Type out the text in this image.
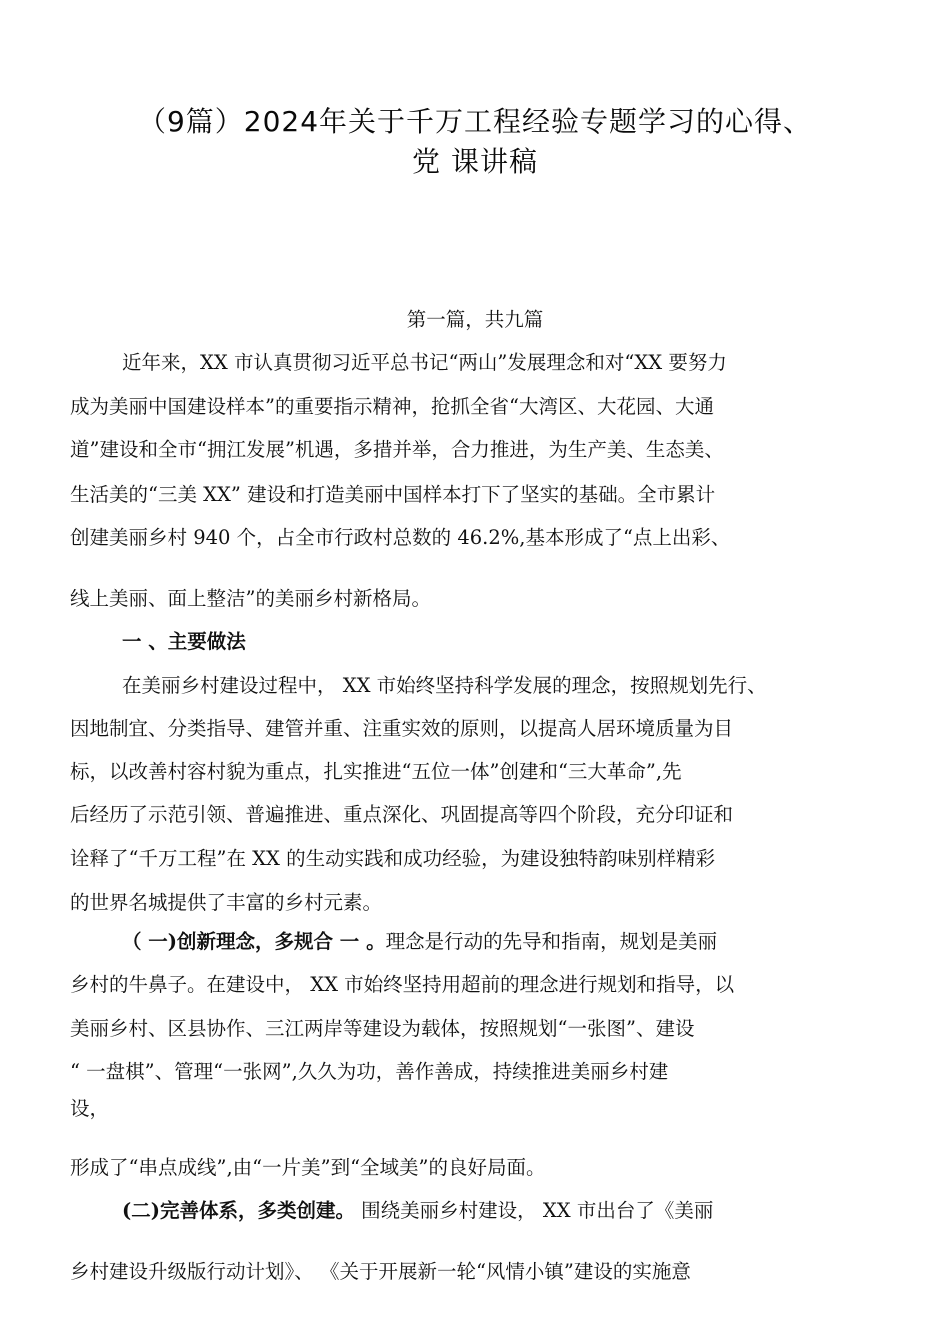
（9篇）2024年关于千万工程经验专题学习的心得、
党 课讲稿
第一篇，共九篇
近年来，XX 市认真贯彻习近平总书记“两山”发展理念和对“XX 要努力
成为美丽中国建设样本”的重要指示精神，抢抓全省“大湾区、大花园、大通
道”建设和全市“拥江发展”机遇，多措并举，合力推进，为生产美、生态美、
生活美的“三美 XX” 建设和打造美丽中国样本打下了坚实的基础。全市累计
创建美丽乡村 940 个，占全市行政村总数的 46.2%,基本形成了“点上出彩、
线上美丽、面上整洁”的美丽乡村新格局。
一 、主要做法
在美丽乡村建设过程中， XX 市始终坚持科学发展的理念，按照规划先行、
因地制宜、分类指导、建管并重、注重实效的原则，以提高人居环境质量为目
标，以改善村容村貌为重点，扎实推进“五位一体”创建和“三大革命”,先
后经历了示范引领、普遍推进、重点深化、巩固提高等四个阶段，充分印证和
诠释了“千万工程”在 XX 的生动实践和成功经验，为建设独特韵味别样精彩
的世界名城提供了丰富的乡村元素。
（ 一)创新理念，多规合 一 。理念是行动的先导和指南，规划是美丽
乡村的牛鼻子。在建设中， XX 市始终坚持用超前的理念进行规划和指导，以
美丽乡村、区县协作、三江两岸等建设为载体，按照规划“一张图”、建设
“ 一盘棋”、管理“一张网”,久久为功，善作善成，持续推进美丽乡村建
设，
形成了“串点成线”,由“一片美”到“全域美”的良好局面。
(二)完善体系，多类创建。 围绕美丽乡村建设， XX 市出台了《美丽
乡村建设升级版行动计划》、 《关于开展新一轮“风情小镇”建设的实施意
